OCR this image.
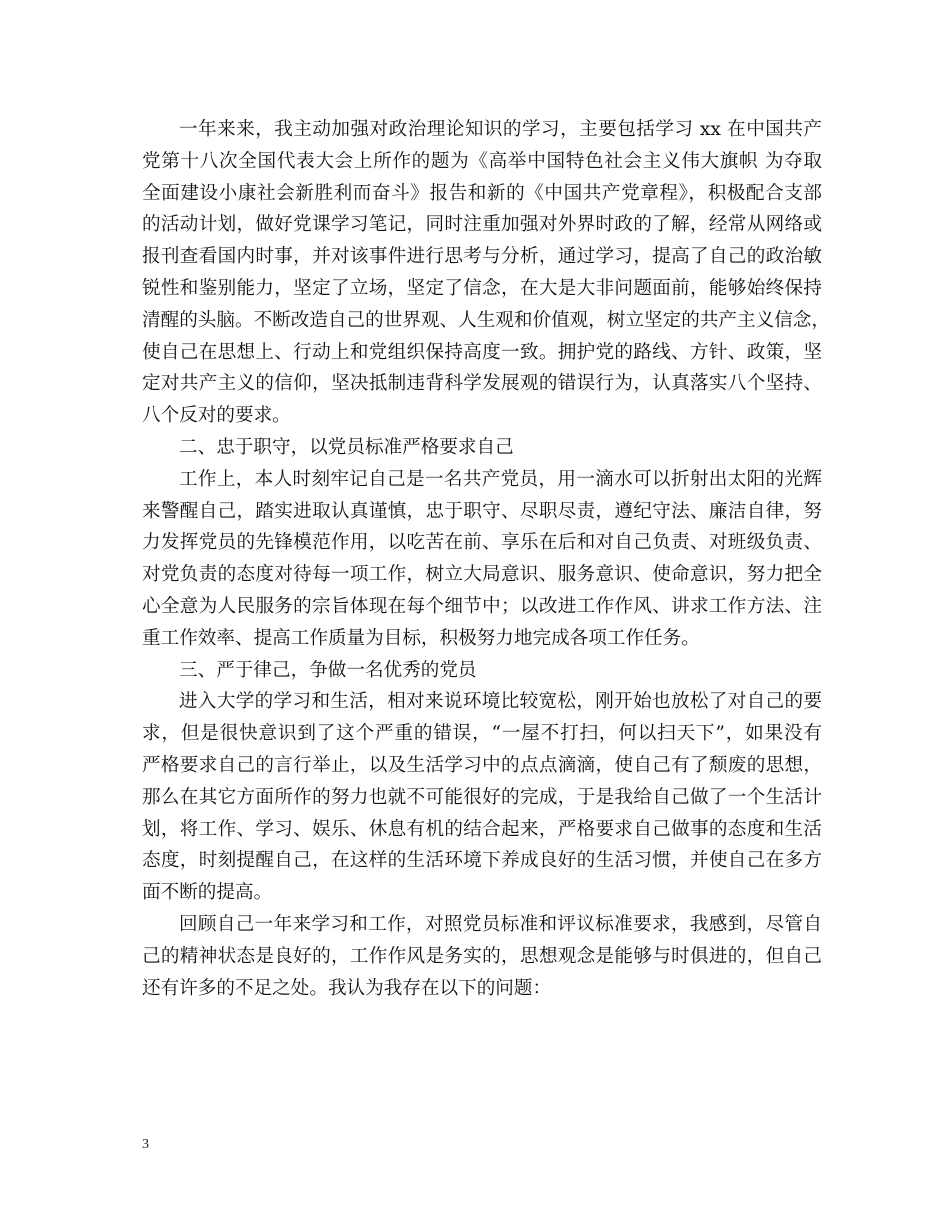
一年来来，我主动加强对政治理论知识的学习，主要包括学习 xx 在中国共产
党第十八次全国代表大会上所作的题为《高举中国特色社会主义伟大旗帜 为夺取
全面建设小康社会新胜利而奋斗》报告和新的《中国共产党章程》，积极配合支部
的活动计划，做好党课学习笔记，同时注重加强对外界时政的了解，经常从网络或
报刊查看国内时事，并对该事件进行思考与分析，通过学习，提高了自己的政治敏
锐性和鉴别能力，坚定了立场，坚定了信念，在大是大非问题面前，能够始终保持
清醒的头脑。不断改造自己的世界观、人生观和价值观，树立坚定的共产主义信念，
使自己在思想上、行动上和党组织保持高度一致。拥护党的路线、方针、政策，坚
定对共产主义的信仰，坚决抵制违背科学发展观的错误行为，认真落实八个坚持、
八个反对的要求。
二、忠于职守，以党员标准严格要求自己
工作上，本人时刻牢记自己是一名共产党员，用一滴水可以折射出太阳的光辉
来警醒自己，踏实进取认真谨慎，忠于职守、尽职尽责，遵纪守法、廉洁自律，努
力发挥党员的先锋模范作用，以吃苦在前、享乐在后和对自己负责、对班级负责、
对党负责的态度对待每一项工作，树立大局意识、服务意识、使命意识，努力把全
心全意为人民服务的宗旨体现在每个细节中；以改进工作作风、讲求工作方法、注
重工作效率、提高工作质量为目标，积极努力地完成各项工作任务。
三、严于律己，争做一名优秀的党员
进入大学的学习和生活，相对来说环境比较宽松，刚开始也放松了对自己的要
求，但是很快意识到了这个严重的错误，“一屋不打扫，何以扫天下”，如果没有
严格要求自己的言行举止，以及生活学习中的点点滴滴，使自己有了颓废的思想，
那么在其它方面所作的努力也就不可能很好的完成，于是我给自己做了一个生活计
划，将工作、学习、娱乐、休息有机的结合起来，严格要求自己做事的态度和生活
态度，时刻提醒自己，在这样的生活环境下养成良好的生活习惯，并使自己在多方
面不断的提高。
回顾自己一年来学习和工作，对照党员标准和评议标准要求，我感到，尽管自
己的精神状态是良好的，工作作风是务实的，思想观念是能够与时俱进的，但自己
还有许多的不足之处。我认为我存在以下的问题：
3
